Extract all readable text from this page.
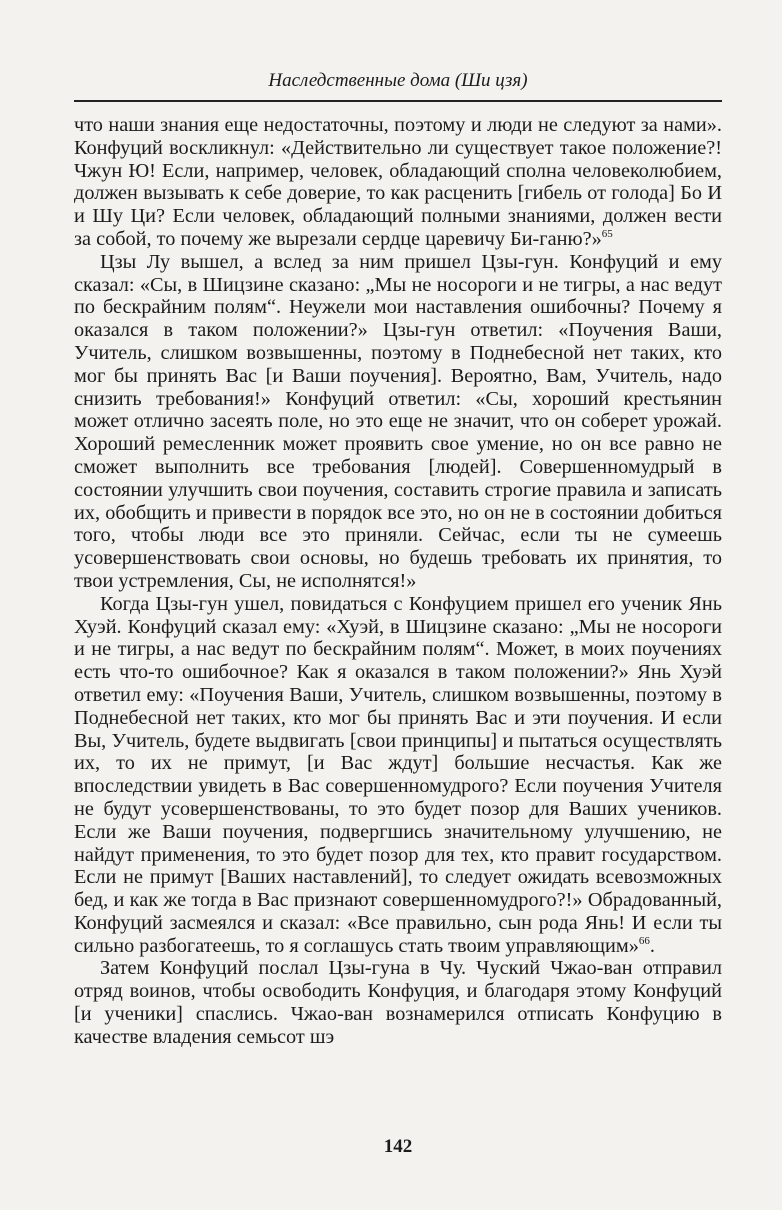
Наследственные дома (Ши цзя)

что наши знания еще недостаточны, поэтому и люди не следуют за нами». Конфуций воскликнул: «Действительно ли существует такое положение?! Чжун Ю! Если, например, человек, обладающий сполна человеколюбием, должен вызывать к себе доверие, то как расценить [гибель от голода] Бо И и Шу Ци? Если человек, обладающий полными знаниями, должен вести за собой, то почему же вырезали сердце царевичу Би-ганю?»$^{65}$

Цзы Лу вышел, а вслед за ним пришел Цзы-гун. Конфуций и ему сказал: «Сы, в Шицзине сказано: „Мы не носороги и не тигры, а нас ведут по бескрайним полям“. Неужели мои наставления ошибочны? Почему я оказался в таком положении?» Цзы-гун ответил: «Поучения Ваши, Учитель, слишком возвышенны, поэтому в Поднебесной нет таких, кто мог бы принять Вас [и Ваши поучения]. Вероятно, Вам, Учитель, надо снизить требования!» Конфуций ответил: «Сы, хороший крестьянин может отлично засеять поле, но это еще не значит, что он соберет урожай. Хороший ремесленник может проявить свое умение, но он все равно не сможет выполнить все требования [людей]. Совершенномудрый в состоянии улучшить свои поучения, составить строгие правила и записать их, обобщить и привести в порядок все это, но он не в состоянии добиться того, чтобы люди все это приняли. Сейчас, если ты не сумеешь усовершенствовать свои основы, но будешь требовать их принятия, то твои устремления, Сы, не исполнятся!»

Когда Цзы-гун ушел, повидаться с Конфуцием пришел его ученик Янь Хуэй. Конфуций сказал ему: «Хуэй, в Шицзине сказано: „Мы не носороги и не тигры, а нас ведут по бескрайним полям“. Может, в моих поучениях есть что-то ошибочное? Как я оказался в таком положении?» Янь Хуэй ответил ему: «Поучения Ваши, Учитель, слишком возвышенны, поэтому в Поднебесной нет таких, кто мог бы принять Вас и эти поучения. И если Вы, Учитель, будете выдвигать [свои принципы] и пытаться осуществлять их, то их не примут, [и Вас ждут] большие несчастья. Как же впоследствии увидеть в Вас совершенномудрого? Если поучения Учителя не будут усовершенствованы, то это будет позор для Ваших учеников. Если же Ваши поучения, подвергшись значительному улучшению, не найдут применения, то это будет позор для тех, кто правит государством. Если не примут [Ваших наставлений], то следует ожидать всевозможных бед, и как же тогда в Вас признают совершенномудрого?!» Обрадованный, Конфуций засмеялся и сказал: «Все правильно, сын рода Янь! И если ты сильно разбогатеешь, то я соглашусь стать твоим управляющим»$^{66}$.

Затем Конфуций послал Цзы-гуна в Чу. Чуский Чжао-ван отправил отряд воинов, чтобы освободить Конфуция, и благодаря этому Конфуций [и ученики] спаслись. Чжао-ван вознамерился отписать Конфуцию в качестве владения семьсот шэ

142
